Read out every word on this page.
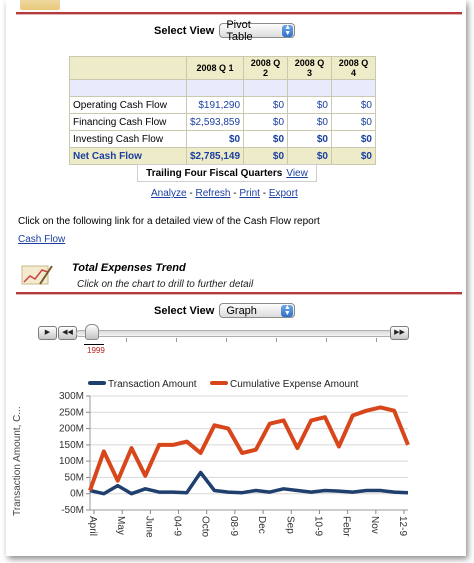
Select View Pivot Table
▲
▼
	2008 Q 1	2008 Q 2	2008 Q 3	2008 Q 4

Operating Cash Flow	$191,290	$0	$0	$0
Financing Cash Flow	$2,593,859	$0	$0	$0
Investing Cash Flow	$0	$0	$0	$0
Net Cash Flow	$2,785,149	$0	$0	$0
Trailing Four Fiscal Quarters View
Analyze - Refresh - Print - Export
Click on the following link for a detailed view of the Cash Flow report
Cash Flow
Total Expenses Trend
Click on the chart to drill to further detail
Select View Graph	▲
▼
▶	◀◀
1999
▶▶
Transaction Amount	Cumulative Expense Amount
300M
250M
200M
150M
100M
50M
0M
-50M
Transaction Amount, C...
April May June 04-9 Octo 08-9 Dec Sep 10-9 Febr Nov 12-9
